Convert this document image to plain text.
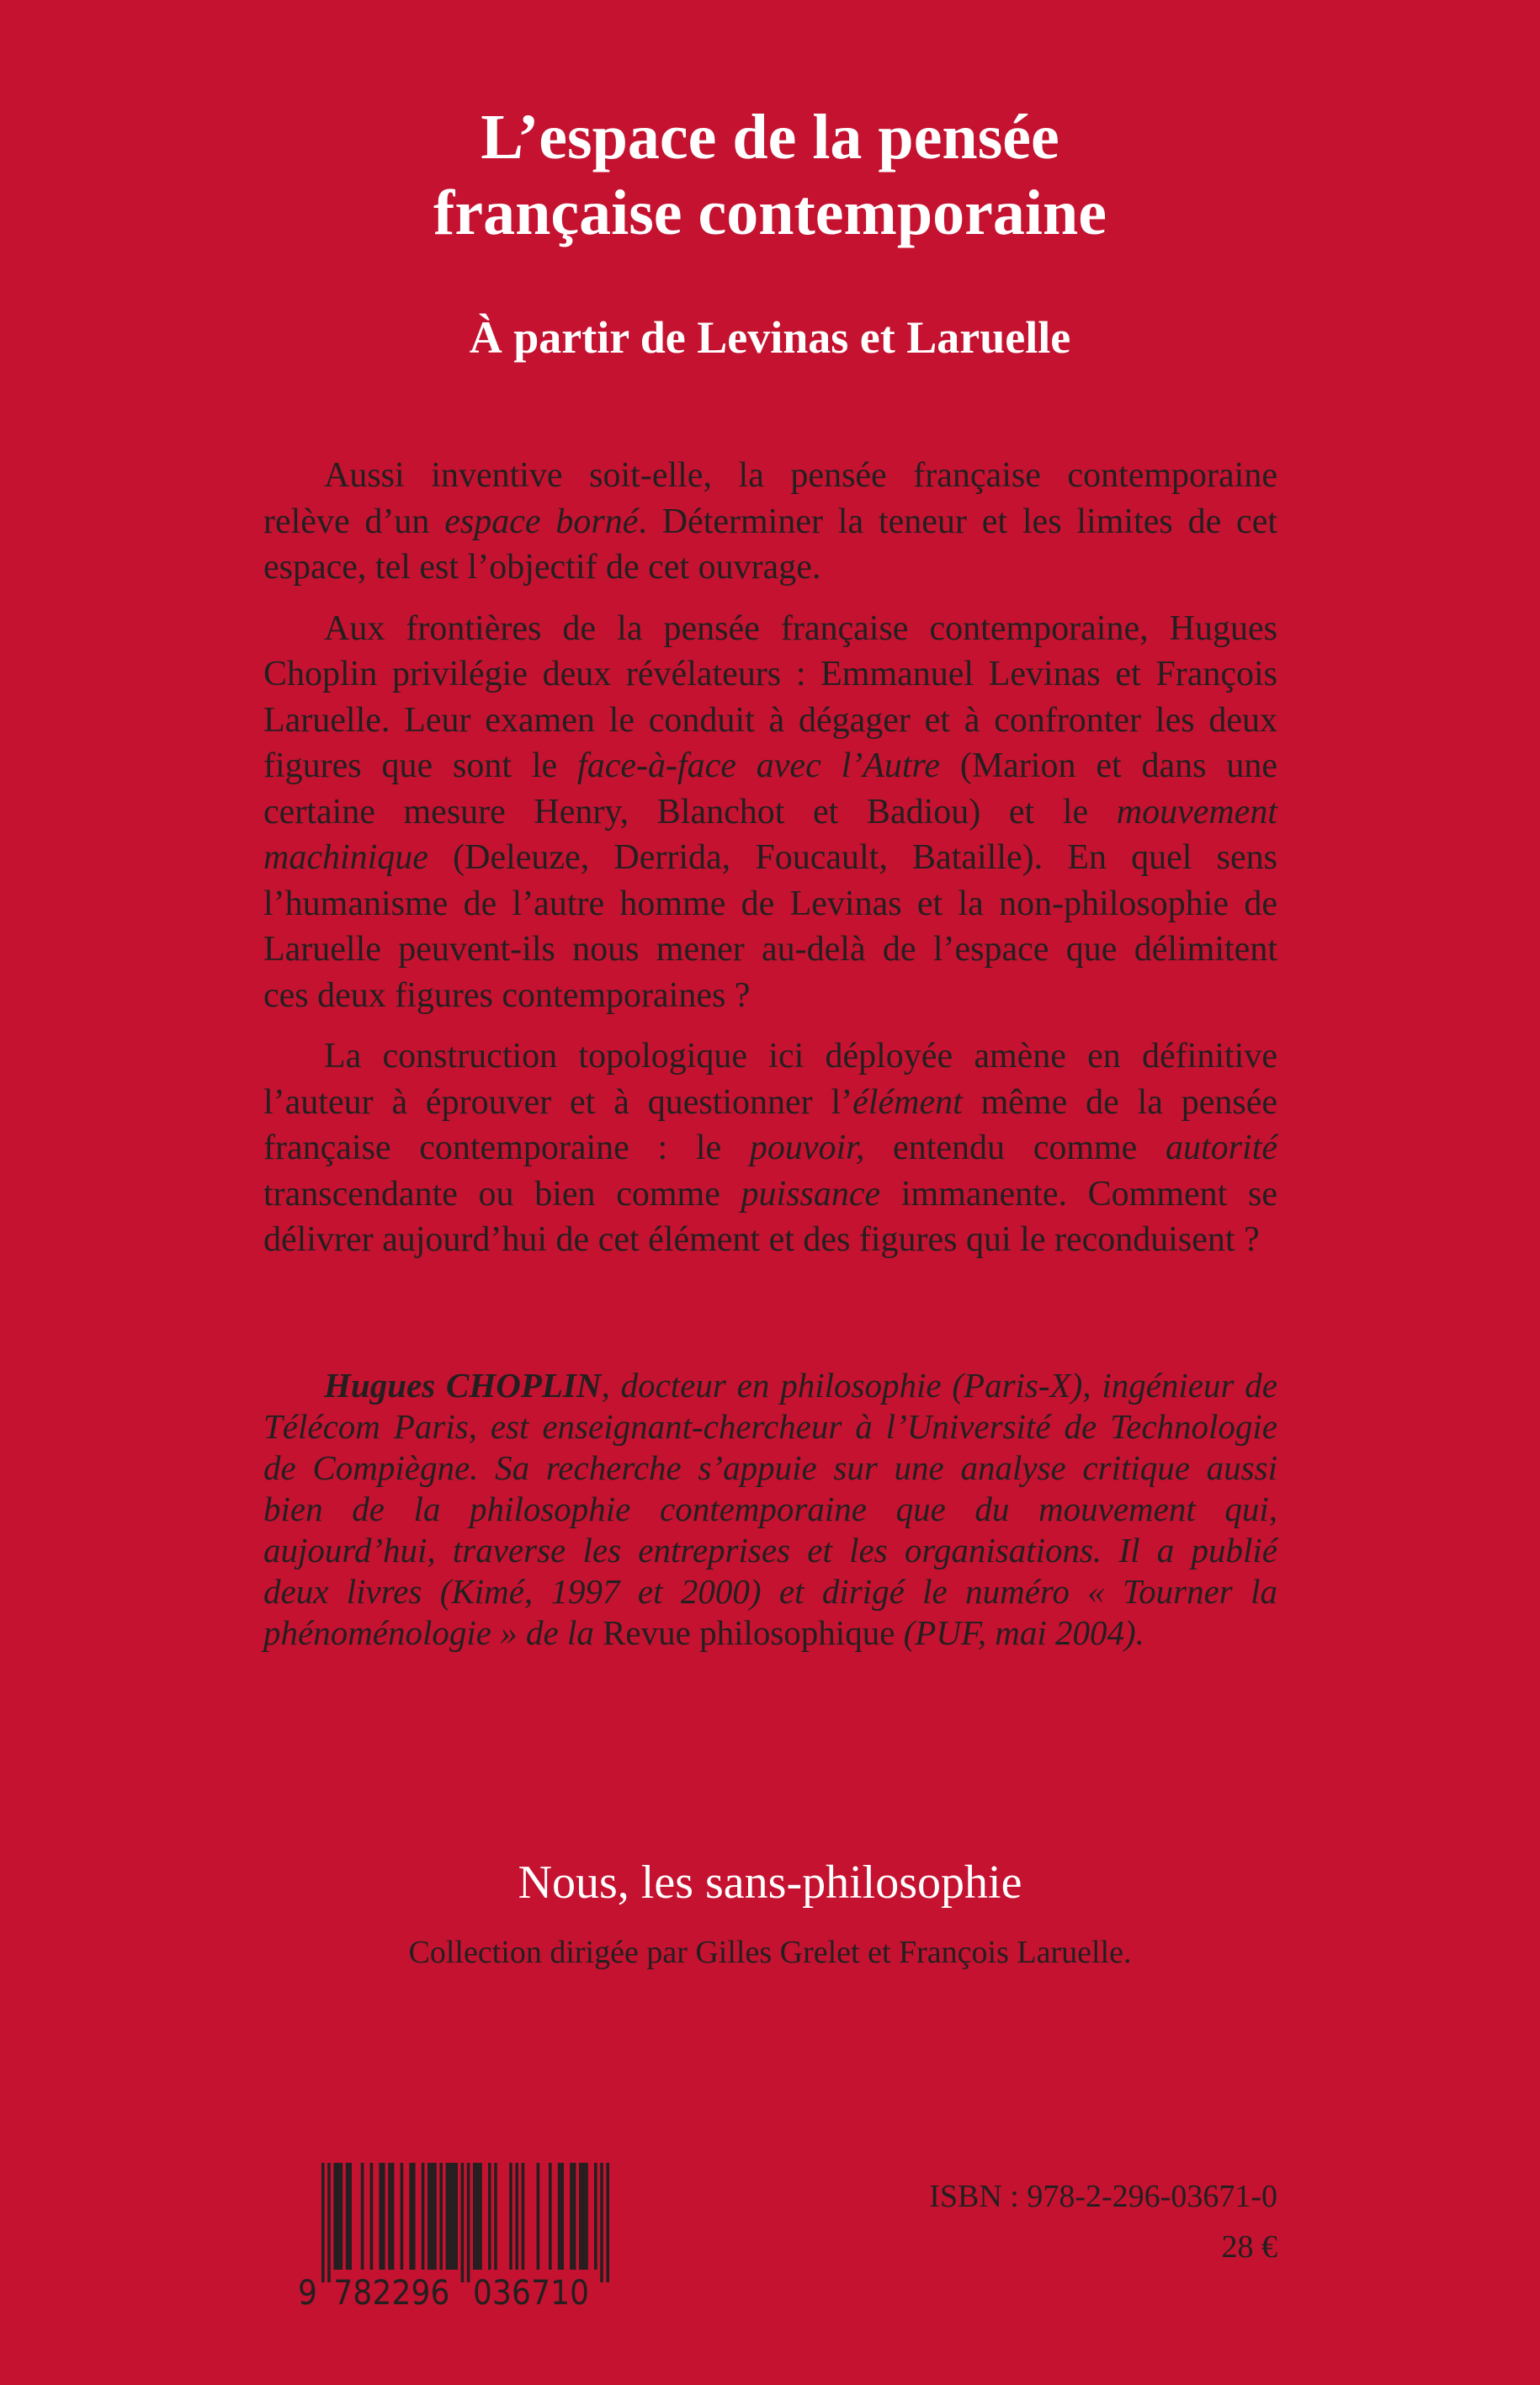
L’espace de la pensée
française contemporaine
À partir de Levinas et Laruelle
Aussi inventive soit-elle, la pensée française contemporaine
relève d’un espace borné. Déterminer la teneur et les limites de cet
espace, tel est l’objectif de cet ouvrage.
Aux frontières de la pensée française contemporaine, Hugues
Choplin privilégie deux révélateurs : Emmanuel Levinas et François
Laruelle. Leur examen le conduit à dégager et à confronter les deux
figures que sont le face-à-face avec l’Autre (Marion et dans une
certaine mesure Henry, Blanchot et Badiou) et le mouvement
machinique (Deleuze, Derrida, Foucault, Bataille). En quel sens
l’humanisme de l’autre homme de Levinas et la non-philosophie de
Laruelle peuvent-ils nous mener au-delà de l’espace que délimitent
ces deux figures contemporaines ?
La construction topologique ici déployée amène en définitive
l’auteur à éprouver et à questionner l’élément même de la pensée
française contemporaine : le pouvoir, entendu comme autorité
transcendante ou bien comme puissance immanente. Comment se
délivrer aujourd’hui de cet élément et des figures qui le reconduisent ?
Hugues CHOPLIN, docteur en philosophie (Paris-X), ingénieur de
Télécom Paris, est enseignant-chercheur à l’Université de Technologie
de Compiègne. Sa recherche s’appuie sur une analyse critique aussi
bien de la philosophie contemporaine que du mouvement qui,
aujourd’hui, traverse les entreprises et les organisations. Il a publié
deux livres (Kimé, 1997 et 2000) et dirigé le numéro « Tourner la
phénoménologie » de la Revue philosophique (PUF, mai 2004).
Nous, les sans-philosophie
Collection dirigée par Gilles Grelet et François Laruelle.
9 782296 036710
ISBN : 978-2-296-03671-0
28 €
